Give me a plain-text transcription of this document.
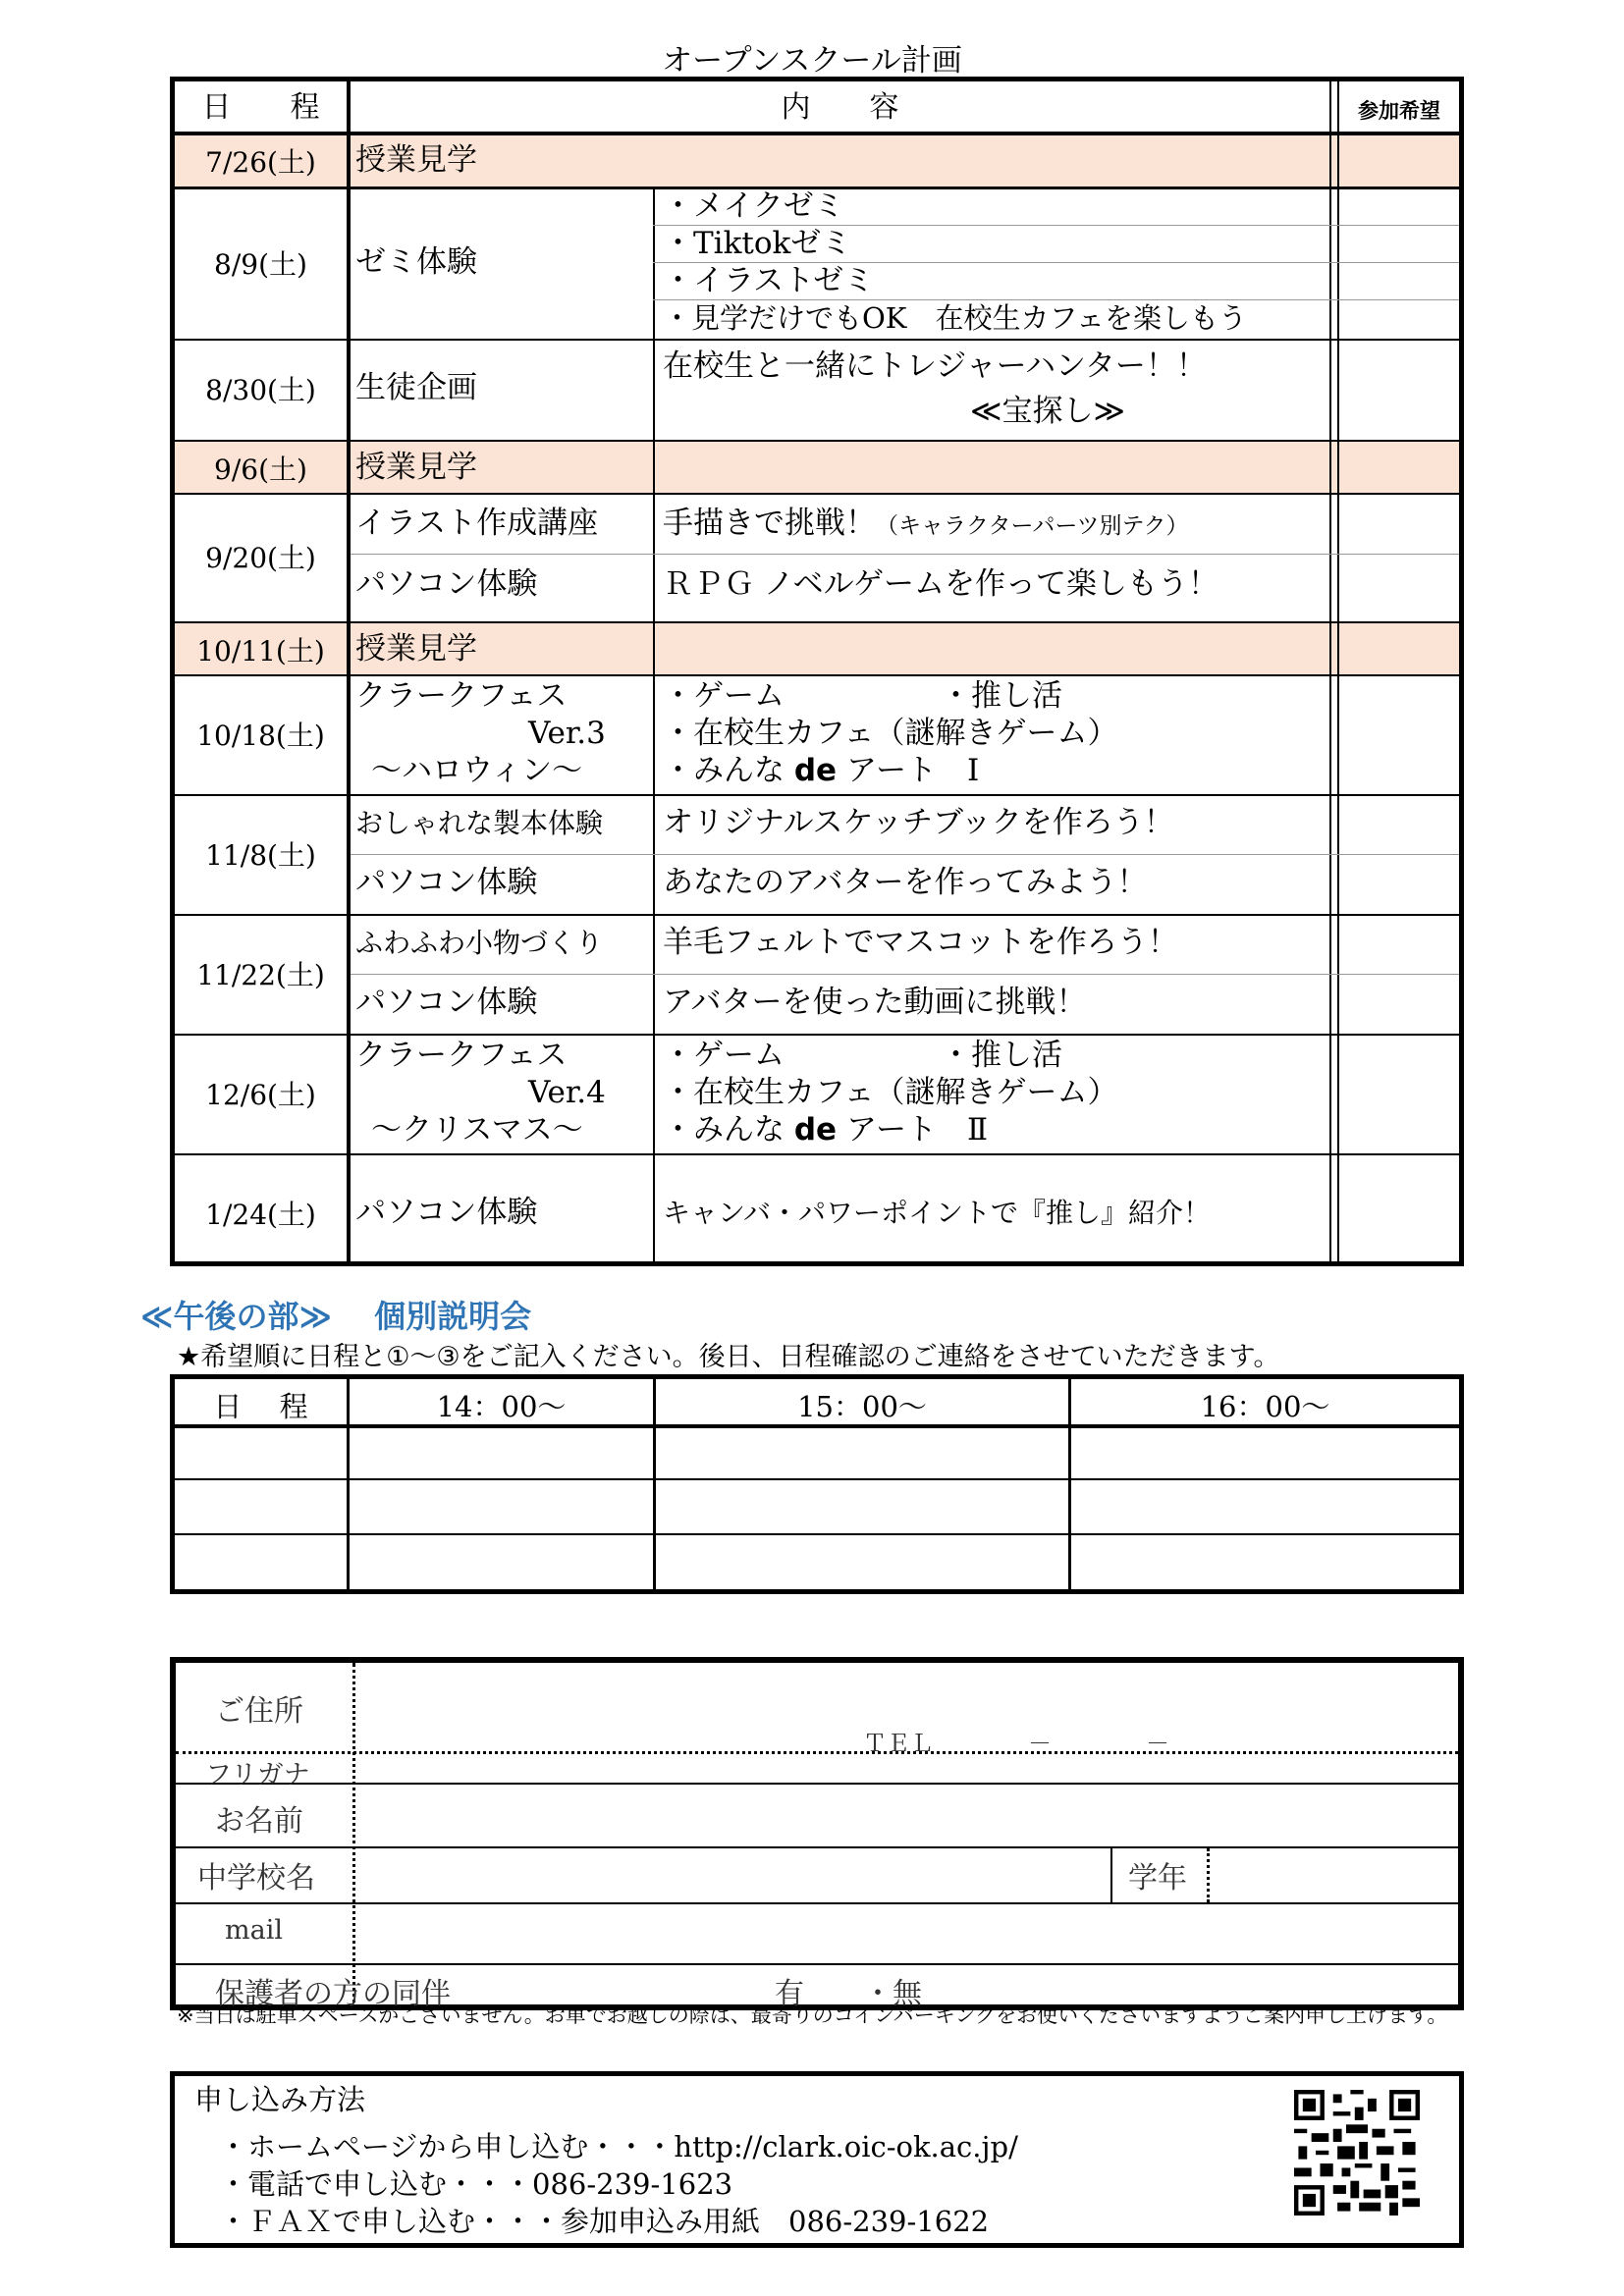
オープンスクール計画
日　　程	内　　容	参加希望
7/26(土)	授業見学
8/9(土)	ゼミ体験
・メイクゼミ
・Tiktokゼミ
・イラストゼミ
・見学だけでもOK　在校生カフェを楽しもう
8/30(土)	生徒企画
在校生と一緒にトレジャーハンター！！
≪宝探し≫
9/6(土)	授業見学
9/20(土)
イラスト作成講座 手描きで挑戦！（キャラクターパーツ別テク）
パソコン体験	ＲＰＧ ノベルゲームを作って楽しもう！
10/11(土)	授業見学
10/18(土)
クラークフェス
Ver.3
～ハロウィン～
・ゲーム	・推し活
・在校生カフェ（謎解きゲーム）
・みんな de アート　Ⅰ
11/8(土)
おしゃれな製本体験 オリジナルスケッチブックを作ろう！
パソコン体験	あなたのアバターを作ってみよう！
11/22(土)
ふわふわ小物づくり 羊毛フェルトでマスコットを作ろう！
パソコン体験	アバターを使った動画に挑戦！
12/6(土)
クラークフェス
Ver.4
～クリスマス～
・ゲーム	・推し活
・在校生カフェ（謎解きゲーム）
・みんな de アート　Ⅱ
1/24(土)	パソコン体験	キャンバ・パワーポイントで『推し』紹介！
≪午後の部≫　 個別説明会
★希望順に日程と①～③をご記入ください。後日、日程確認のご連絡をさせていただきます。
日　 程	14：00～	15：00～	16：00～
ご住所
ＴＥＬ　　　　－　　　　－
フリガナ
お名前
中学校名	学年
mail
保護者の方の同伴	有　　・無
※当日は駐車スペースがございません。お車でお越しの際は、最寄りのコインパーキングをお使いくださいますようご案内申し上げます。
申し込み方法
・ホームページから申し込む・・・http://clark.oic-ok.ac.jp/
・電話で申し込む・・・086-239-1623
・ＦＡＸで申し込む・・・参加申込み用紙　086-239-1622
